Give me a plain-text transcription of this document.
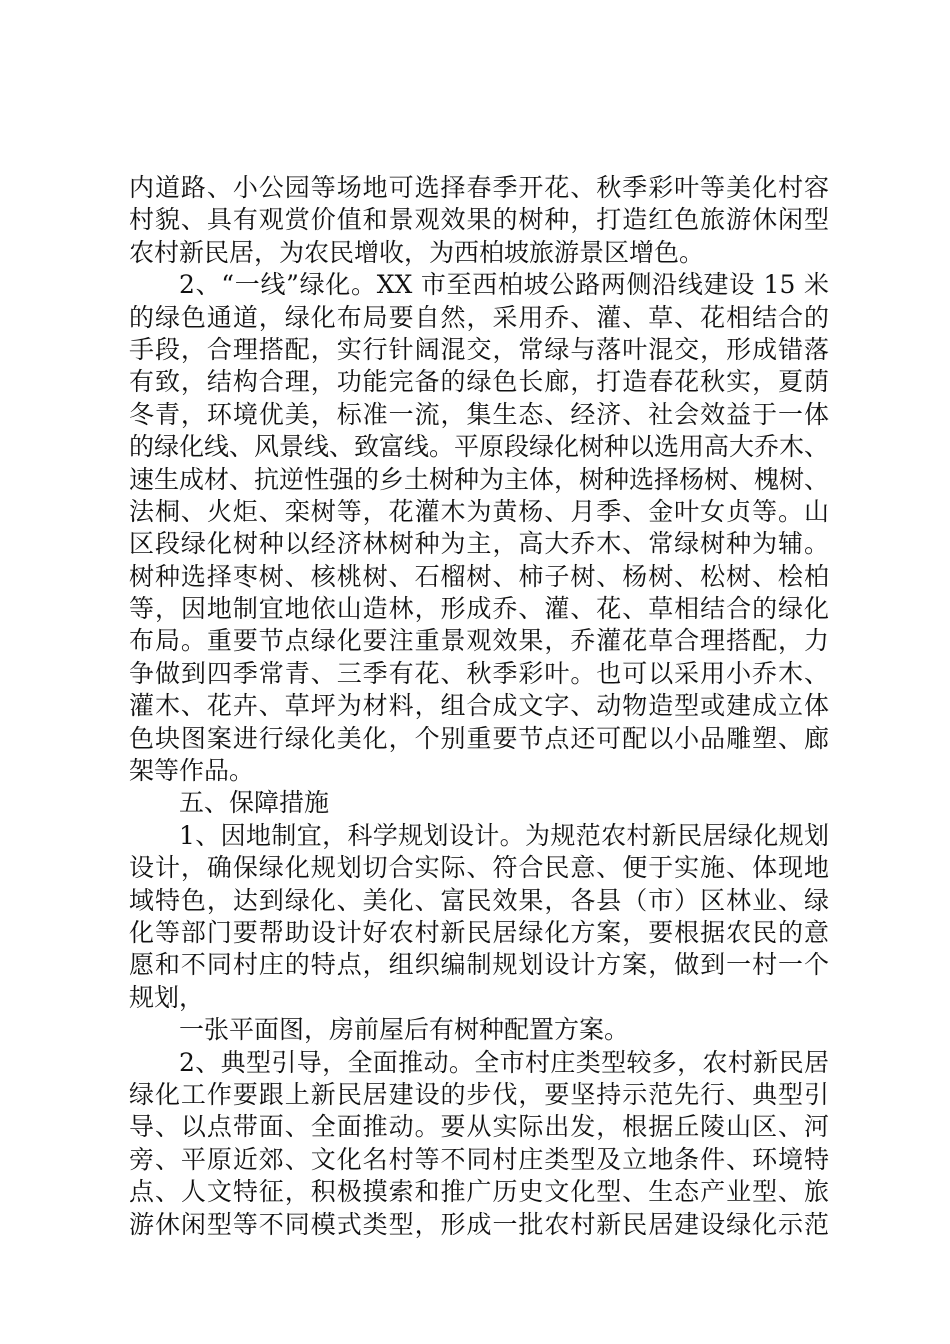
内道路、小公园等场地可选择春季开花、秋季彩叶等美化村容
村貌、具有观赏价值和景观效果的树种，打造红色旅游休闲型
农村新民居，为农民增收，为西柏坡旅游景区增色。
2、“一线”绿化。XX 市至西柏坡公路两侧沿线建设 15 米
的绿色通道，绿化布局要自然，采用乔、灌、草、花相结合的
手段，合理搭配，实行针阔混交，常绿与落叶混交，形成错落
有致，结构合理，功能完备的绿色长廊，打造春花秋实，夏荫
冬青，环境优美，标准一流，集生态、经济、社会效益于一体
的绿化线、风景线、致富线。平原段绿化树种以选用高大乔木、
速生成材、抗逆性强的乡土树种为主体，树种选择杨树、槐树、
法桐、火炬、栾树等，花灌木为黄杨、月季、金叶女贞等。山
区段绿化树种以经济林树种为主，高大乔木、常绿树种为辅。
树种选择枣树、核桃树、石榴树、柿子树、杨树、松树、桧柏
等，因地制宜地依山造林，形成乔、灌、花、草相结合的绿化
布局。重要节点绿化要注重景观效果，乔灌花草合理搭配，力
争做到四季常青、三季有花、秋季彩叶。也可以采用小乔木、
灌木、花卉、草坪为材料，组合成文字、动物造型或建成立体
色块图案进行绿化美化，个别重要节点还可配以小品雕塑、廊
架等作品。
五、保障措施
1、因地制宜，科学规划设计。为规范农村新民居绿化规划
设计，确保绿化规划切合实际、符合民意、便于实施、体现地
域特色，达到绿化、美化、富民效果，各县（市）区林业、绿
化等部门要帮助设计好农村新民居绿化方案，要根据农民的意
愿和不同村庄的特点，组织编制规划设计方案，做到一村一个
规划，
一张平面图，房前屋后有树种配置方案。
2、典型引导，全面推动。全市村庄类型较多，农村新民居
绿化工作要跟上新民居建设的步伐，要坚持示范先行、典型引
导、以点带面、全面推动。要从实际出发，根据丘陵山区、河
旁、平原近郊、文化名村等不同村庄类型及立地条件、环境特
点、人文特征，积极摸索和推广历史文化型、生态产业型、旅
游休闲型等不同模式类型，形成一批农村新民居建设绿化示范
